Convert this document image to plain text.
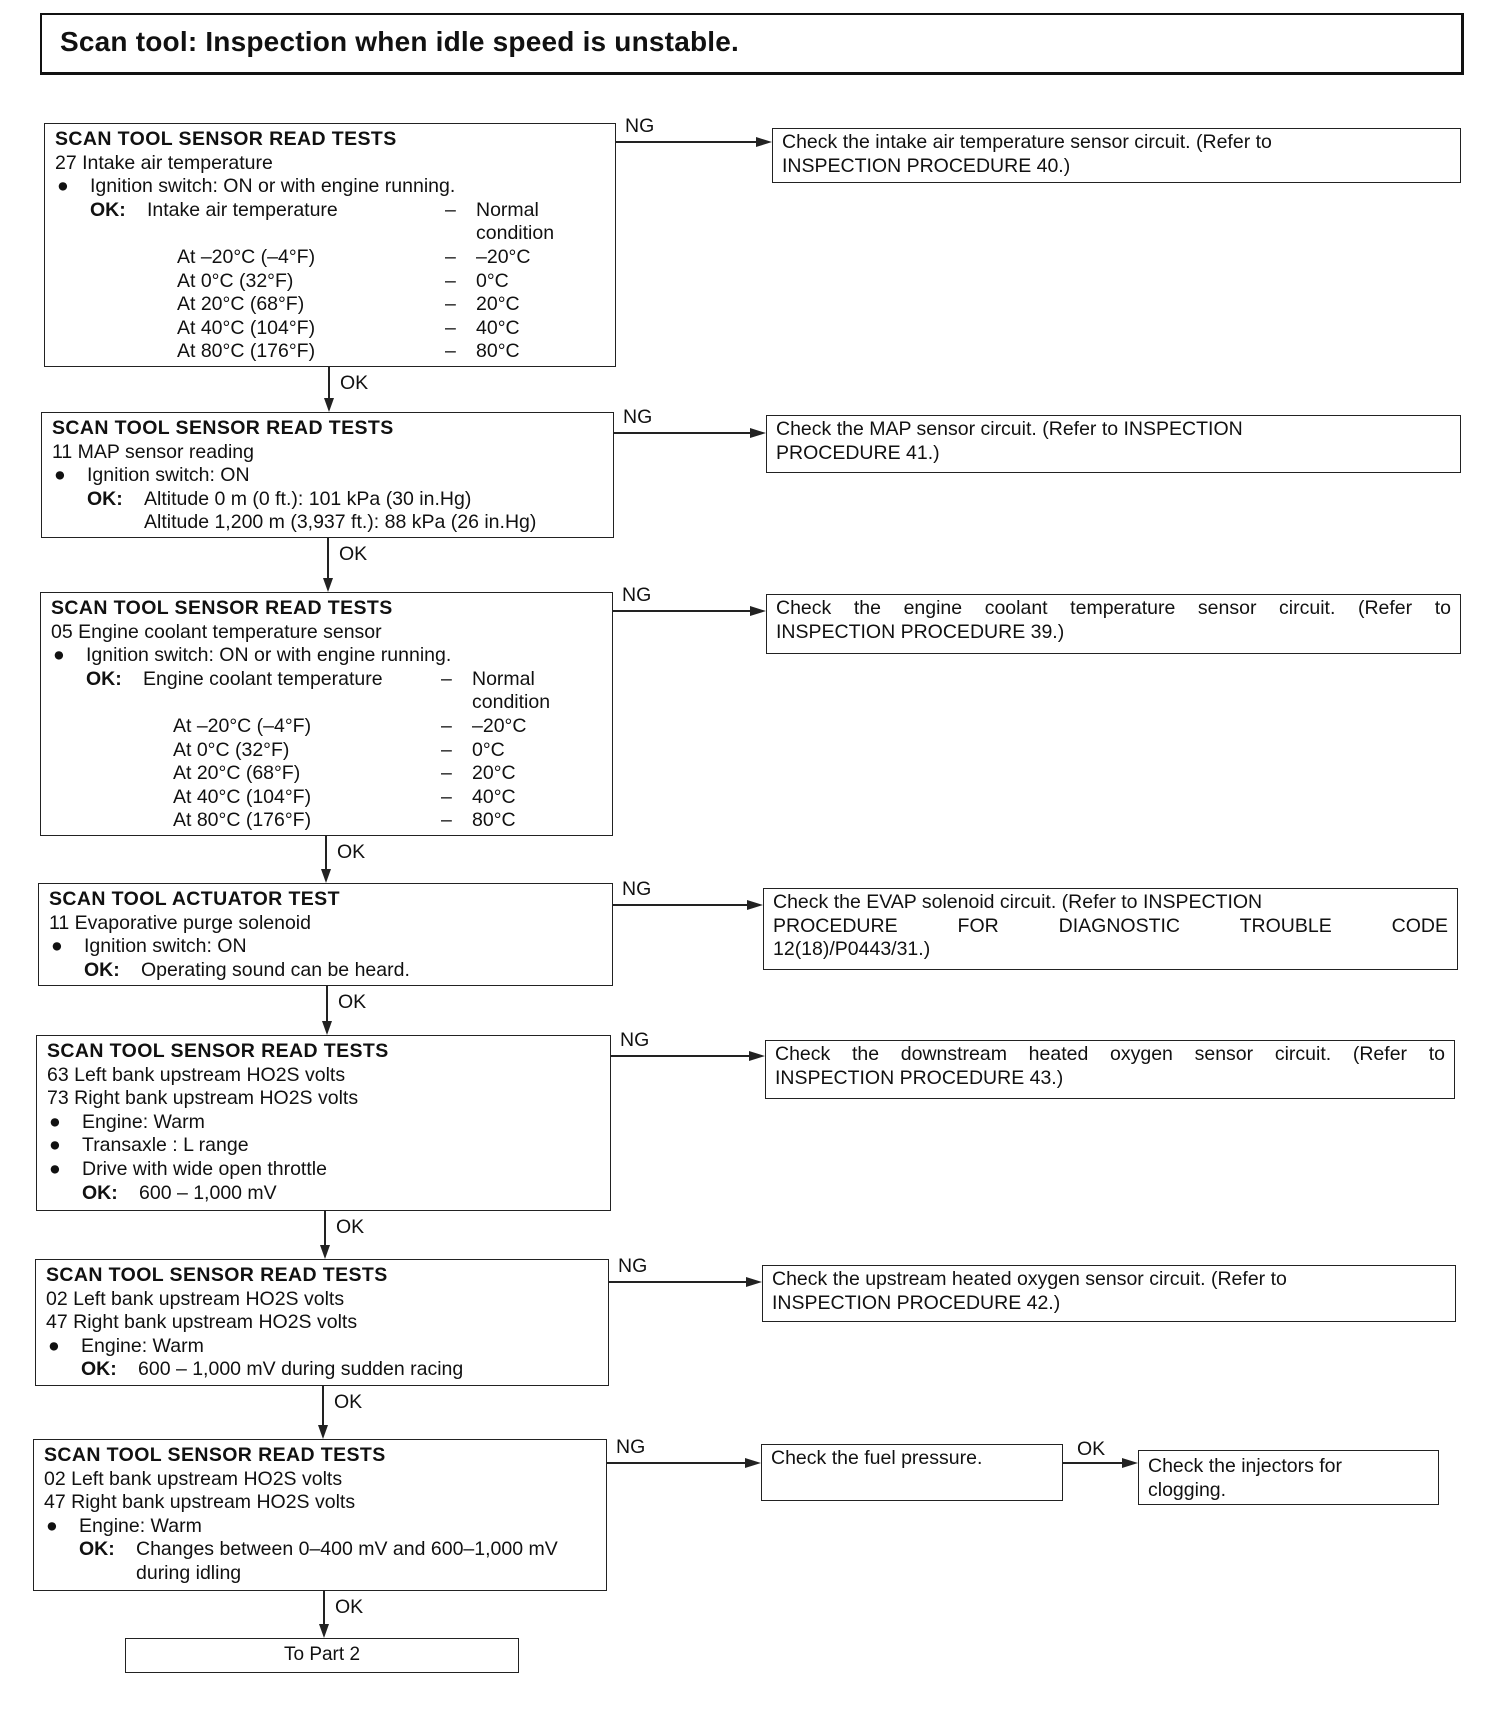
Scan tool: Inspection when idle speed is unstable.
SCAN TOOL SENSOR READ TESTS
27 Intake air temperature
● Ignition switch: ON or with engine running.
OK: Intake air temperature	– Normal
condition
At –20°C (–4°F)	– –20°C
At 0°C (32°F)	– 0°C
At 20°C (68°F)	– 20°C
At 40°C (104°F)	– 40°C
At 80°C (176°F)	– 80°C
NG
OK
SCAN TOOL SENSOR READ TESTS
11 MAP sensor reading
● Ignition switch: ON
OK: Altitude 0 m (0 ft.): 101 kPa (30 in.Hg)
Altitude 1,200 m (3,937 ft.): 88 kPa (26 in.Hg)
NG
OK
SCAN TOOL SENSOR READ TESTS
05 Engine coolant temperature sensor
● Ignition switch: ON or with engine running.
OK: Engine coolant temperature	– Normal
condition
At –20°C (–4°F)	– –20°C
At 0°C (32°F)	– 0°C
At 20°C (68°F)	– 20°C
At 40°C (104°F)	– 40°C
At 80°C (176°F)	– 80°C
NG
OK
SCAN TOOL ACTUATOR TEST
11 Evaporative purge solenoid
● Ignition switch: ON
OK: Operating sound can be heard.
NG
OK
SCAN TOOL SENSOR READ TESTS
63 Left bank upstream HO2S volts
73 Right bank upstream HO2S volts
● Engine: Warm
● Transaxle : L range
● Drive with wide open throttle
OK: 600 – 1,000 mV
NG
OK
SCAN TOOL SENSOR READ TESTS
02 Left bank upstream HO2S volts
47 Right bank upstream HO2S volts
● Engine: Warm
OK: 600 – 1,000 mV during sudden racing
NG
OK
SCAN TOOL SENSOR READ TESTS
02 Left bank upstream HO2S volts
47 Right bank upstream HO2S volts
● Engine: Warm
OK: Changes between 0–400 mV and 600–1,000 mV
during idling
NG
OK
Check the intake air temperature sensor circuit. (Refer to
INSPECTION PROCEDURE 40.)
Check the MAP sensor circuit. (Refer to INSPECTION
PROCEDURE 41.)
Check the engine coolant temperature sensor circuit. (Refer to
INSPECTION PROCEDURE 39.)
Check the EVAP solenoid circuit. (Refer to INSPECTION
PROCEDURE FOR DIAGNOSTIC TROUBLE CODE
12(18)/P0443/31.)
Check the downstream heated oxygen sensor circuit. (Refer to
INSPECTION PROCEDURE 43.)
Check the upstream heated oxygen sensor circuit. (Refer to
INSPECTION PROCEDURE 42.)
Check the fuel pressure.	OK
Check the injectors for
clogging.
To Part 2
